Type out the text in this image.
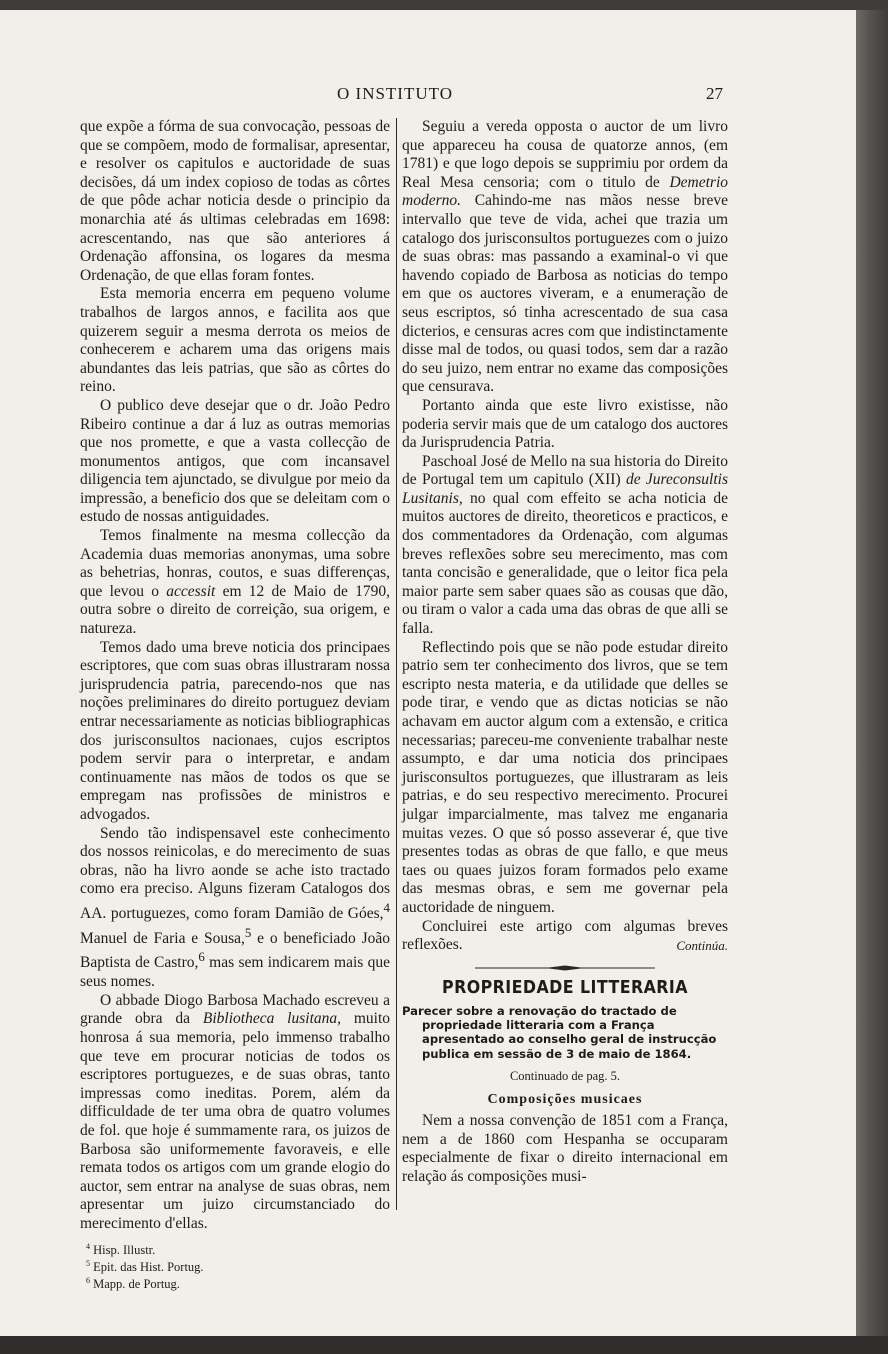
O INSTITUTO	27

que expõe a fórma de sua convocação, pessoas de que se compõem, modo de formalisar, apresentar, e resolver os capitulos e auctoridade de suas decisões, dá um index copioso de todas as côrtes de que pôde achar noticia desde o principio da monarchia até ás ultimas celebradas em 1698: acrescentando, nas que são anteriores á Ordenação affonsina, os logares da mesma Ordenação, de que ellas foram fontes.

Esta memoria encerra em pequeno volume trabalhos de largos annos, e facilita aos que quizerem seguir a mesma derrota os meios de conhecerem e acharem uma das origens mais abundantes das leis patrias, que são as côrtes do reino.

O publico deve desejar que o dr. João Pedro Ribeiro continue a dar á luz as outras memorias que nos promette, e que a vasta collecção de monumentos antigos, que com incansavel diligencia tem ajunctado, se divulgue por meio da impressão, a beneficio dos que se deleitam com o estudo de nossas antiguidades.

Temos finalmente na mesma collecção da Academia duas memorias anonymas, uma sobre as behetrias, honras, coutos, e suas differenças, que levou o accessit em 12 de Maio de 1790, outra sobre o direito de correição, sua origem, e natureza.

Temos dado uma breve noticia dos principaes escriptores, que com suas obras illustraram nossa jurisprudencia patria, parecendo-nos que nas noções preliminares do direito portuguez deviam entrar necessariamente as noticias bibliographicas dos jurisconsultos nacionaes, cujos escriptos podem servir para o interpretar, e andam continuamente nas mãos de todos os que se empregam nas profissões de ministros e advogados.

Sendo tão indispensavel este conhecimento dos nossos reinicolas, e do merecimento de suas obras, não ha livro aonde se ache isto tractado como era preciso. Alguns fizeram Catalogos dos AA. portuguezes, como foram Damião de Góes,$^4$ Manuel de Faria e Sousa,$^5$ e o beneficiado João Baptista de Castro,$^6$ mas sem indicarem mais que seus nomes.

O abbade Diogo Barbosa Machado escreveu a grande obra da Bibliotheca lusitana, muito honrosa á sua memoria, pelo immenso trabalho que teve em procurar noticias de todos os escriptores portuguezes, e de suas obras, tanto impressas como ineditas. Porem, além da difficuldade de ter uma obra de quatro volumes de fol. que hoje é summamente rara, os juizos de Barbosa são uniformemente favoraveis, e elle remata todos os artigos com um grande elogio do auctor, sem entrar na analyse de suas obras, nem apresentar um juizo circumstanciado do merecimento d'ellas.

$^4$ Hisp. Illustr.
$^5$ Epit. das Hist. Portug.
$^6$ Mapp. de Portug.

Seguiu a vereda opposta o auctor de um livro que appareceu ha cousa de quatorze annos, (em 1781) e que logo depois se supprimiu por ordem da Real Mesa censoria; com o titulo de Demetrio moderno. Cahindo-me nas mãos nesse breve intervallo que teve de vida, achei que trazia um catalogo dos jurisconsultos portuguezes com o juizo de suas obras: mas passando a examinal-o vi que havendo copiado de Barbosa as noticias do tempo em que os auctores viveram, e a enumeração de seus escriptos, só tinha acrescentado de sua casa dicterios, e censuras acres com que indistinctamente disse mal de todos, ou quasi todos, sem dar a razão do seu juizo, nem entrar no exame das composições que censurava.

Portanto ainda que este livro existisse, não poderia servir mais que de um catalogo dos auctores da Jurisprudencia Patria.

Paschoal José de Mello na sua historia do Direito de Portugal tem um capitulo (XII) de Jureconsultis Lusitanis, no qual com effeito se acha noticia de muitos auctores de direito, theoreticos e practicos, e dos commentadores da Ordenação, com algumas breves reflexões sobre seu merecimento, mas com tanta concisão e generalidade, que o leitor fica pela maior parte sem saber quaes são as cousas que dão, ou tiram o valor a cada uma das obras de que alli se falla.

Reflectindo pois que se não pode estudar direito patrio sem ter conhecimento dos livros, que se tem escripto nesta materia, e da utilidade que delles se pode tirar, e vendo que as dictas noticias se não achavam em auctor algum com a extensão, e critica necessarias; pareceu-me conveniente trabalhar neste assumpto, e dar uma noticia dos principaes jurisconsultos portuguezes, que illustraram as leis patrias, e do seu respectivo merecimento. Procurei julgar imparcialmente, mas talvez me enganaria muitas vezes. O que só posso asseverar é, que tive presentes todas as obras de que fallo, e que meus taes ou quaes juizos foram formados pelo exame das mesmas obras, e sem me governar pela auctoridade de ninguem.

Concluirei este artigo com algumas breves reflexões.	Continúa.
PROPRIEDADE LITTERARIA
Parecer sobre a renovação do tractado de propriedade litteraria com a França apresentado ao conselho geral de instrucção publica em sessão de 3 de maio de 1864.
Continuado de pag. 5.
Composições musicaes

Nem a nossa convenção de 1851 com a França, nem a de 1860 com Hespanha se occuparam especialmente de fixar o direito internacional em relação ás composições musi-
